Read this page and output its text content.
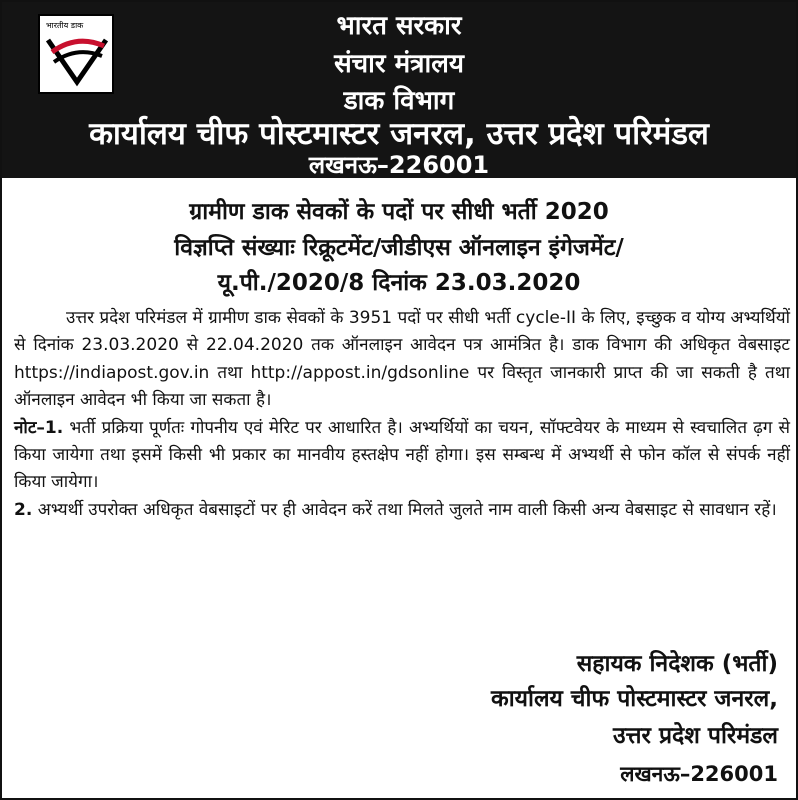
भारतीय डाक	भारत सरकार
संचार मंत्रालय
डाक विभाग
कार्यालय चीफ पोस्टमास्टर जनरल, उत्तर प्रदेश परिमंडल
लखनऊ–226001
ग्रामीण डाक सेवकों के पदों पर सीधी भर्ती 2020
विज्ञप्ति संख्याः रिक्रूटमेंट/जीडीएस ऑनलाइन इंगेजमेंट/
यू.पी./2020/8 दिनांक 23.03.2020

उत्तर प्रदेश परिमंडल में ग्रामीण डाक सेवकों के 3951 पदों पर सीधी भर्ती cycle-II के लिए, इच्छुक व योग्य अभ्यर्थियों से दिनांक 23.03.2020 से 22.04.2020 तक ऑनलाइन आवेदन पत्र आमंत्रित है। डाक विभाग की अधिकृत वेबसाइट https://indiapost.gov.in तथा http://appost.in/gdsonline पर विस्तृत जानकारी प्राप्त की जा सकती है तथा ऑनलाइन आवेदन भी किया जा सकता है।

नोट–1. भर्ती प्रक्रिया पूर्णतः गोपनीय एवं मेरिट पर आधारित है। अभ्यर्थियों का चयन, सॉफ्टवेयर के माध्यम से स्वचालित ढ़ग से किया जायेगा तथा इसमें किसी भी प्रकार का मानवीय हस्तक्षेप नहीं होगा। इस सम्बन्ध में अभ्यर्थी से फोन कॉल से संपर्क नहीं किया जायेगा।

2. अभ्यर्थी उपरोक्त अधिकृत वेबसाइटों पर ही आवेदन करें तथा मिलते जुलते नाम वाली किसी अन्य वेबसाइट से सावधान रहें।

सहायक निदेशक (भर्ती)
कार्यालय चीफ पोस्टमास्टर जनरल,
उत्तर प्रदेश परिमंडल
लखनऊ–226001
